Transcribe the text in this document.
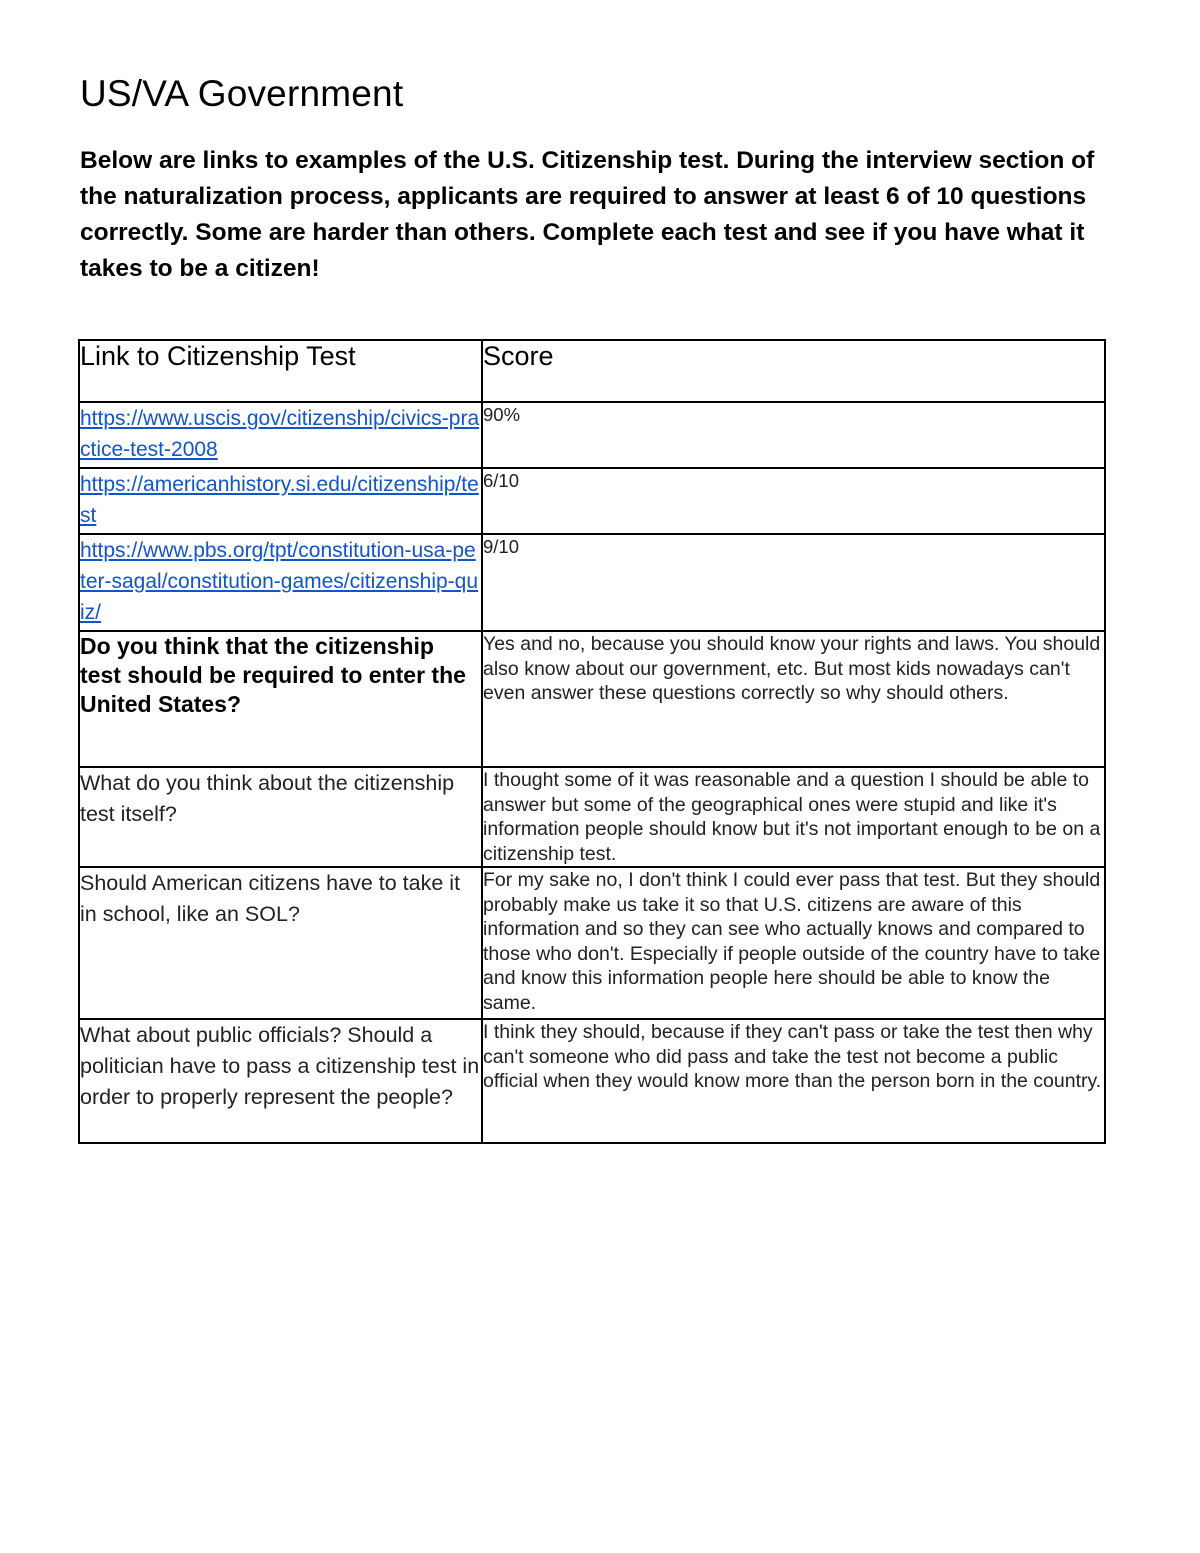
US/VA Government

Below are links to examples of the U.S. Citizenship test. During the interview section of the naturalization process, applicants are required to answer at least 6 of 10 questions correctly. Some are harder than others. Complete each test and see if you have what it takes to be a citizen!

Link to Citizenship Test	Score
https://www.uscis.gov/citizenship/civics-practice-test-2008	90%
https://americanhistory.si.edu/citizenship/test	6/10
https://www.pbs.org/tpt/constitution-usa-peter-sagal/constitution-games/citizenship-quiz/	9/10
Do you think that the citizenship test should be required to enter the United States?	Yes and no, because you should know your rights and laws. You should also know about our government, etc. But most kids nowadays can't even answer these questions correctly so why should others.
What do you think about the citizenship test itself?	I thought some of it was reasonable and a question I should be able to answer but some of the geographical ones were stupid and like it's information people should know but it's not important enough to be on a citizenship test.
Should American citizens have to take it in school, like an SOL?	For my sake no, I don't think I could ever pass that test. But they should probably make us take it so that U.S. citizens are aware of this information and so they can see who actually knows and compared to those who don't. Especially if people outside of the country have to take and know this information people here should be able to know the same.
What about public officials? Should a politician have to pass a citizenship test in order to properly represent the people?	I think they should, because if they can't pass or take the test then why can't someone who did pass and take the test not become a public official when they would know more than the person born in the country.
